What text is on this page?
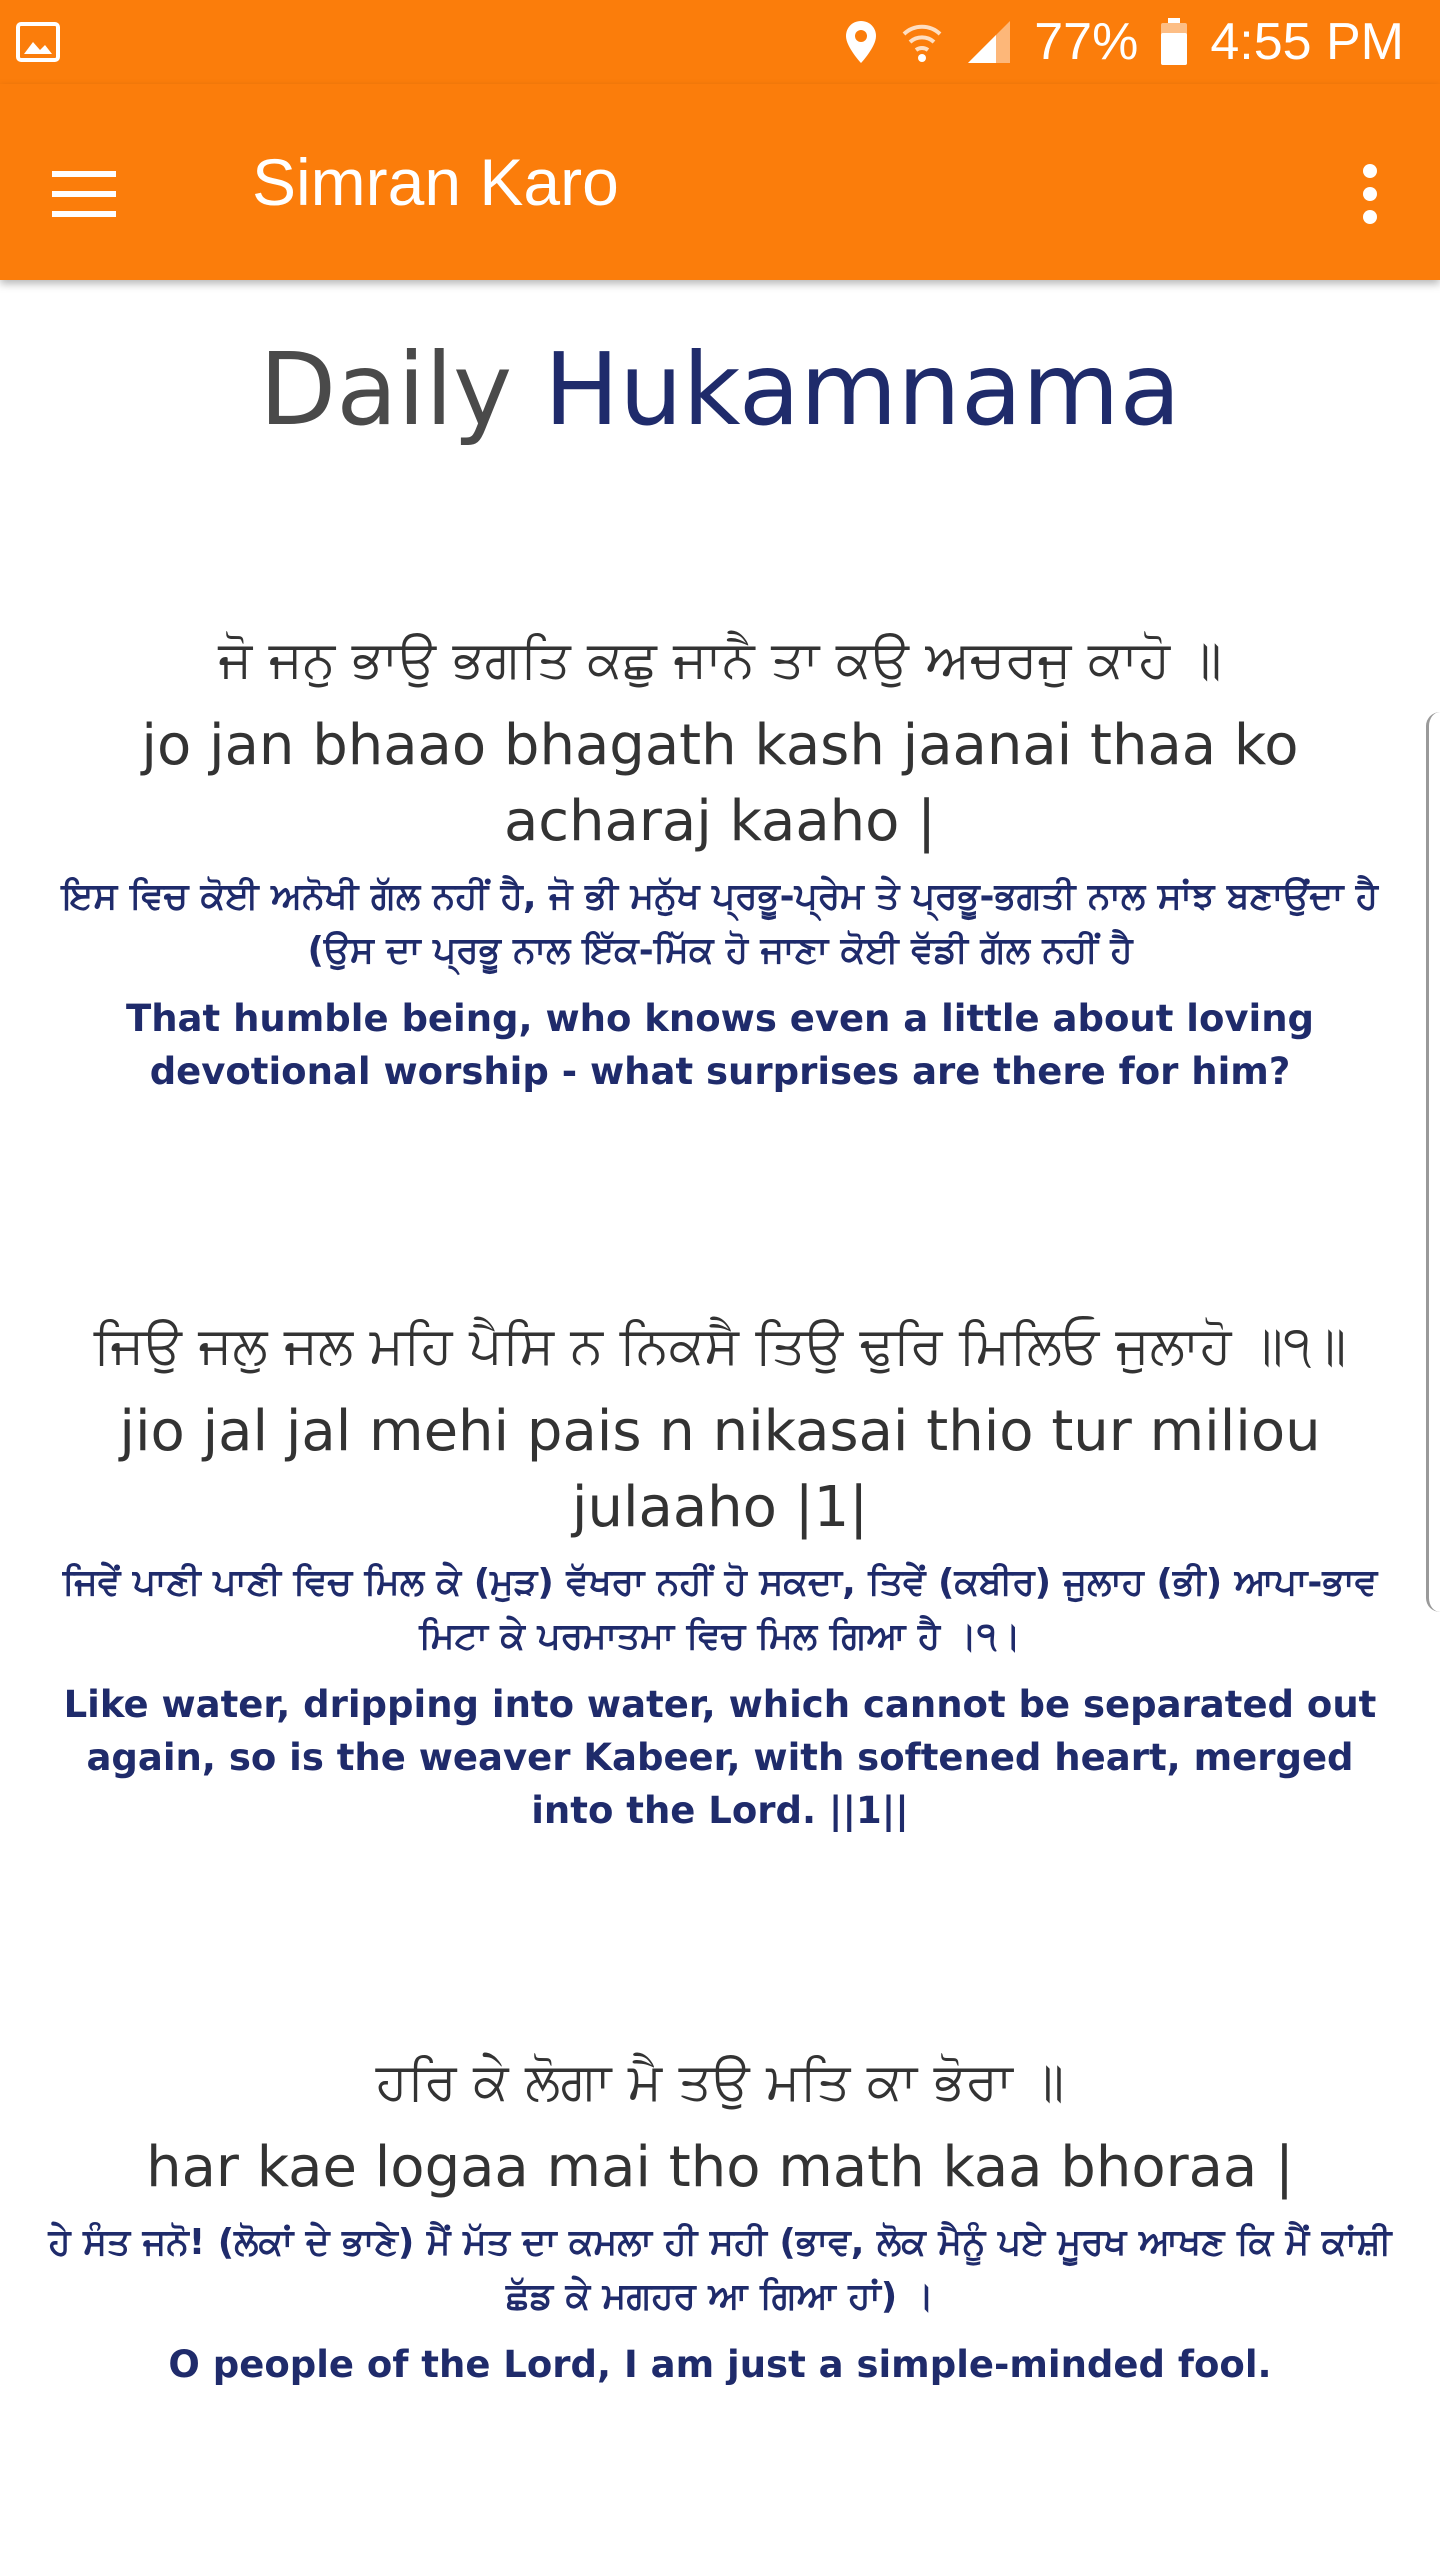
77% 4:55 PM
Simran Karo
Daily Hukamnama
ਜੋ ਜਨੁ ਭਾਉ ਭਗਤਿ ਕਛੁ ਜਾਨੈ ਤਾ ਕਉ ਅਚਰਜੁ ਕਾਹੋ ॥
jo jan bhaao bhagath kash jaanai thaa ko acharaj kaaho |
ਇਸ ਵਿਚ ਕੋਈ ਅਨੋਖੀ ਗੱਲ ਨਹੀਂ ਹੈ, ਜੋ ਭੀ ਮਨੁੱਖ ਪ੍ਰਭੂ-ਪ੍ਰੇਮ ਤੇ ਪ੍ਰਭੂ-ਭਗਤੀ ਨਾਲ ਸਾਂਝ ਬਣਾਉਂਦਾ ਹੈ (ਉਸ ਦਾ ਪ੍ਰਭੂ ਨਾਲ ਇੱਕ-ਮਿੱਕ ਹੋ ਜਾਣਾ ਕੋਈ ਵੱਡੀ ਗੱਲ ਨਹੀਂ ਹੈ
That humble being, who knows even a little about loving devotional worship - what surprises are there for him?
ਜਿਉ ਜਲੁ ਜਲ ਮਹਿ ਪੈਸਿ ਨ ਨਿਕਸੈ ਤਿਉ ਢੁਰਿ ਮਿਲਿਓ ਜੁਲਾਹੋ ॥੧॥
jio jal jal mehi pais n nikasai thio tur miliou julaaho |1|
ਜਿਵੇਂ ਪਾਣੀ ਪਾਣੀ ਵਿਚ ਮਿਲ ਕੇ (ਮੁੜ) ਵੱਖਰਾ ਨਹੀਂ ਹੋ ਸਕਦਾ, ਤਿਵੇਂ (ਕਬੀਰ) ਜੁਲਾਹ (ਭੀ) ਆਪਾ-ਭਾਵ ਮਿਟਾ ਕੇ ਪਰਮਾਤਮਾ ਵਿਚ ਮਿਲ ਗਿਆ ਹੈ ।੧।
Like water, dripping into water, which cannot be separated out again, so is the weaver Kabeer, with softened heart, merged into the Lord. ||1||
ਹਰਿ ਕੇ ਲੋਗਾ ਮੈ ਤਉ ਮਤਿ ਕਾ ਭੋਰਾ ॥
har kae logaa mai tho math kaa bhoraa |
ਹੇ ਸੰਤ ਜਨੋ! (ਲੋਕਾਂ ਦੇ ਭਾਣੇ) ਮੈਂ ਮੱਤ ਦਾ ਕਮਲਾ ਹੀ ਸਹੀ (ਭਾਵ, ਲੋਕ ਮੈਨੂੰ ਪਏ ਮੂਰਖ ਆਖਣ ਕਿ ਮੈਂ ਕਾਂਸ਼ੀ ਛੱਡ ਕੇ ਮਗਹਰ ਆ ਗਿਆ ਹਾਂ) ।
O people of the Lord, I am just a simple-minded fool.
